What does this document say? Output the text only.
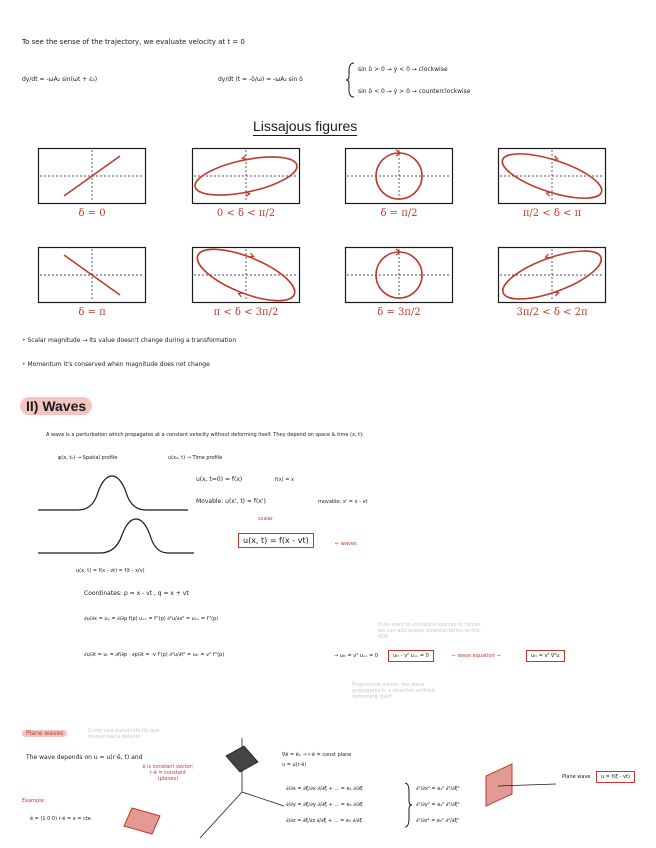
To see the sense of the trajectory, we evaluate velocity at t = 0
dy/dt = -ωA₂ sin(ωt + ε₂)	dy/dt (t = -δ/ω) = -ωA₂ sin δ
sin δ > 0 → ẏ < 0 → clockwise
sin δ < 0 → ẏ > 0 → counterclockwise
Lissajous figures
δ = 0	0 < δ < π/2	δ = π/2	π/2 < δ < π
δ = π	π < δ < 3π/2	δ = 3π/2	3π/2 < δ < 2π
• Scalar magnitude → Its value doesn't change during a transformation
• Momentum it's conserved when magnitude does not change
II) Waves
A wave is a perturbation which propagates at a constant velocity without deforming itself. They depend on space & time (x, t):
ψ(x, t₀) → Spatial profile	u(x₀, t) → Time profile
u(x, t=0) = f(x)	f(x) = x
Movable: u(x', t) = f(x')
scalar
movable: x' = x - vt
u(x, t) = f(x - vt)	← waves
u(x, t) = f(x - vt) = f(t - x/v)
Coordinates: p = x - vt , q = x + vt
∂u/∂x = uₓ = ∂/∂p f(p) uₓₓ = f''(p) ∂²u/∂x² = uₓₓ = f''(p)
∂u/∂t = uₜ = ∂f/∂p · ∂p/∂t = -v f'(p) ∂²u/∂t² = uₜₜ = v² f''(p)	→ uₜₜ = v² uₓₓ = 0	uₜₜ - v² uₓₓ = 0	← wave equation →	uₜₜ = v² ∇²u
If we want to introduce sources or forces, we can add proper external terms to the PDE.
Progressive waves: the wave propagates in a direction without deforming itself
Plane waves	Como una pared infinita que mueve hacia delante
The wave depends on u = u(r·ê, t) and
ê is constant vector; r·ê = constant (planes)
Example:
ê = (1 0 0) r·ê = x = cte
∇ê = ê₁ → r·ê = const plane
u = u(r·ê)
∂/∂x = ∂ξ/∂x ∂/∂ξ + ... = e₁ ∂/∂ξ
∂/∂y = ∂ξ/∂y ∂/∂ξ + ... = e₂ ∂/∂ξ
∂/∂z = ∂ξ/∂z ∂/∂ξ + ... = e₃ ∂/∂ξ
∂²/∂x² = e₁² ∂²/∂ξ²
∂²/∂y² = e₂² ∂²/∂ξ²
∂²/∂z² = e₃² ∂²/∂ξ²
Plane wave	u = f(ξ - vt)
